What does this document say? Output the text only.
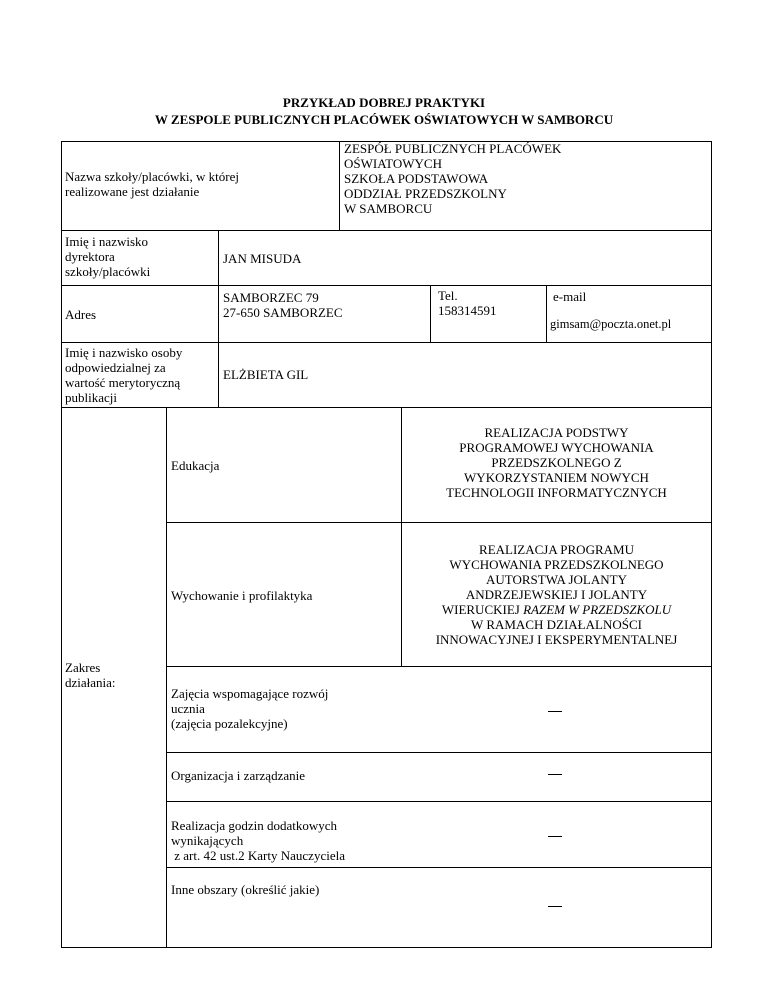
PRZYKŁAD DOBREJ PRAKTYKI
W ZESPOLE PUBLICZNYCH PLACÓWEK OŚWIATOWYCH W SAMBORCU
Nazwa szkoły/placówki, w której
realizowane jest działanie
ZESPÓŁ PUBLICZNYCH PLACÓWEK
OŚWIATOWYCH
SZKOŁA PODSTAWOWA
ODDZIAŁ PRZEDSZKOLNY
W SAMBORCU
Imię i nazwisko
dyrektora
szkoły/placówki
JAN MISUDA
Adres
SAMBORZEC 79
27-650 SAMBORZEC
Tel.
158314591
e-mail
gimsam@poczta.onet.pl
Imię i nazwisko osoby
odpowiedzialnej za
wartość merytoryczną
publikacji
ELŻBIETA GIL
Zakres
działania:
Edukacja
REALIZACJA PODSTWY
PROGRAMOWEJ WYCHOWANIA
PRZEDSZKOLNEGO Z
WYKORZYSTANIEM NOWYCH
TECHNOLOGII INFORMATYCZNYCH
Wychowanie i profilaktyka
REALIZACJA PROGRAMU
WYCHOWANIA PRZEDSZKOLNEGO
AUTORSTWA JOLANTY
ANDRZEJEWSKIEJ I JOLANTY
WIERUCKIEJ RAZEM W PRZEDSZKOLU
W RAMACH DZIAŁALNOŚCI
INNOWACYJNEJ I EKSPERYMENTALNEJ
Zajęcia wspomagające rozwój
ucznia
(zajęcia pozalekcyjne)
Organizacja i zarządzanie
Realizacja godzin dodatkowych
wynikających
z art. 42 ust.2 Karty Nauczyciela
Inne obszary (określić jakie)
